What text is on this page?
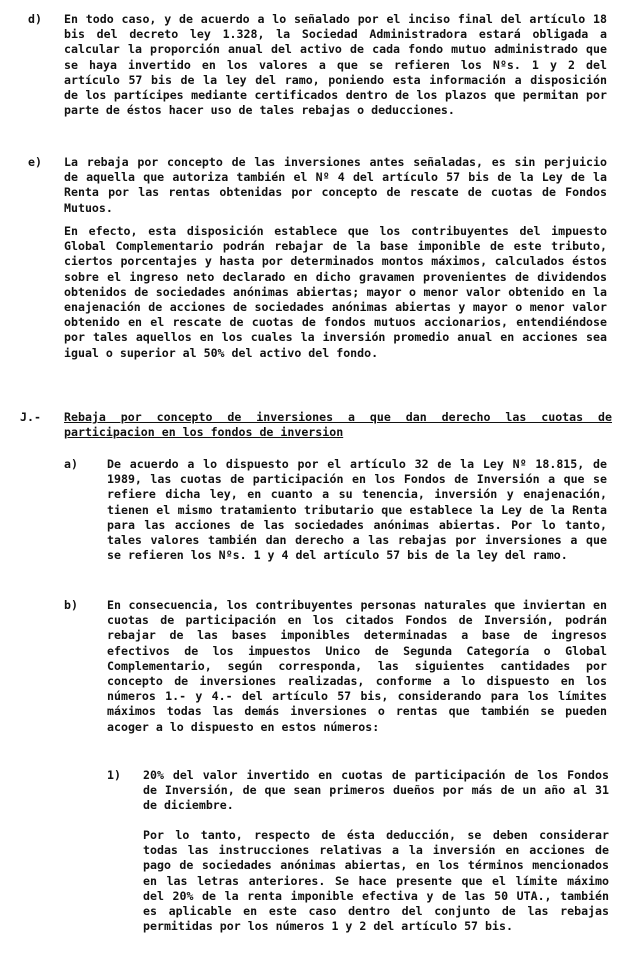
d) En todo caso, y de acuerdo a lo señalado por el inciso final del artículo 18 bis del decreto ley 1.328, la Sociedad Administradora estará obligada a calcular la proporción anual del activo de cada fondo mutuo administrado que se haya invertido en los valores a que se refieren los Nºs. 1 y 2 del artículo 57 bis de la ley del ramo, poniendo esta información a disposición de los partícipes mediante certificados dentro de los plazos que permitan por parte de éstos hacer uso de tales rebajas o deducciones.

e) La rebaja por concepto de las inversiones antes señaladas, es sin perjuicio de aquella que autoriza también el Nº 4 del artículo 57 bis de la Ley de la Renta por las rentas obtenidas por concepto de rescate de cuotas de Fondos Mutuos.

En efecto, esta disposición establece que los contribuyentes del impuesto Global Complementario podrán rebajar de la base imponible de este tributo, ciertos porcentajes y hasta por determinados montos máximos, calculados éstos sobre el ingreso neto declarado en dicho gravamen provenientes de dividendos obtenidos de sociedades anónimas abiertas; mayor o menor valor obtenido en la enajenación de acciones de sociedades anónimas abiertas y mayor o menor valor obtenido en el rescate de cuotas de fondos mutuos accionarios, entendiéndose por tales aquellos en los cuales la inversión promedio anual en acciones sea igual o superior al 50% del activo del fondo.

J.- Rebaja por concepto de inversiones a que dan derecho las cuotas de participacion en los fondos de inversion

a)	De acuerdo a lo dispuesto por el artículo 32 de la Ley Nº 18.815, de 1989, las cuotas de participación en los Fondos de Inversión a que se refiere dicha ley, en cuanto a su tenencia, inversión y enajenación, tienen el mismo tratamiento tributario que establece la Ley de la Renta para las acciones de las sociedades anónimas abiertas. Por lo tanto, tales valores también dan derecho a las rebajas por inversiones a que se refieren los Nºs. 1 y 4 del artículo 57 bis de la ley del ramo.

b)	En consecuencia, los contribuyentes personas naturales que inviertan en cuotas de participación en los citados Fondos de Inversión, podrán rebajar de las bases imponibles determinadas a base de ingresos efectivos de los impuestos Unico de Segunda Categoría o Global Complementario, según corresponda, las siguientes cantidades por concepto de inversiones realizadas, conforme a lo dispuesto en los números 1.- y 4.- del artículo 57 bis, considerando para los límites máximos todas las demás inversiones o rentas que también se pueden acoger a lo dispuesto en estos números:

1) 20% del valor invertido en cuotas de participación de los Fondos de Inversión, de que sean primeros dueños por más de un año al 31 de diciembre.

Por lo tanto, respecto de ésta deducción, se deben considerar todas las instrucciones relativas a la inversión en acciones de pago de sociedades anónimas abiertas, en los términos mencionados en las letras anteriores. Se hace presente que el límite máximo del 20% de la renta imponible efectiva y de las 50 UTA., también es aplicable en este caso dentro del conjunto de las rebajas permitidas por los números 1 y 2 del artículo 57 bis.
